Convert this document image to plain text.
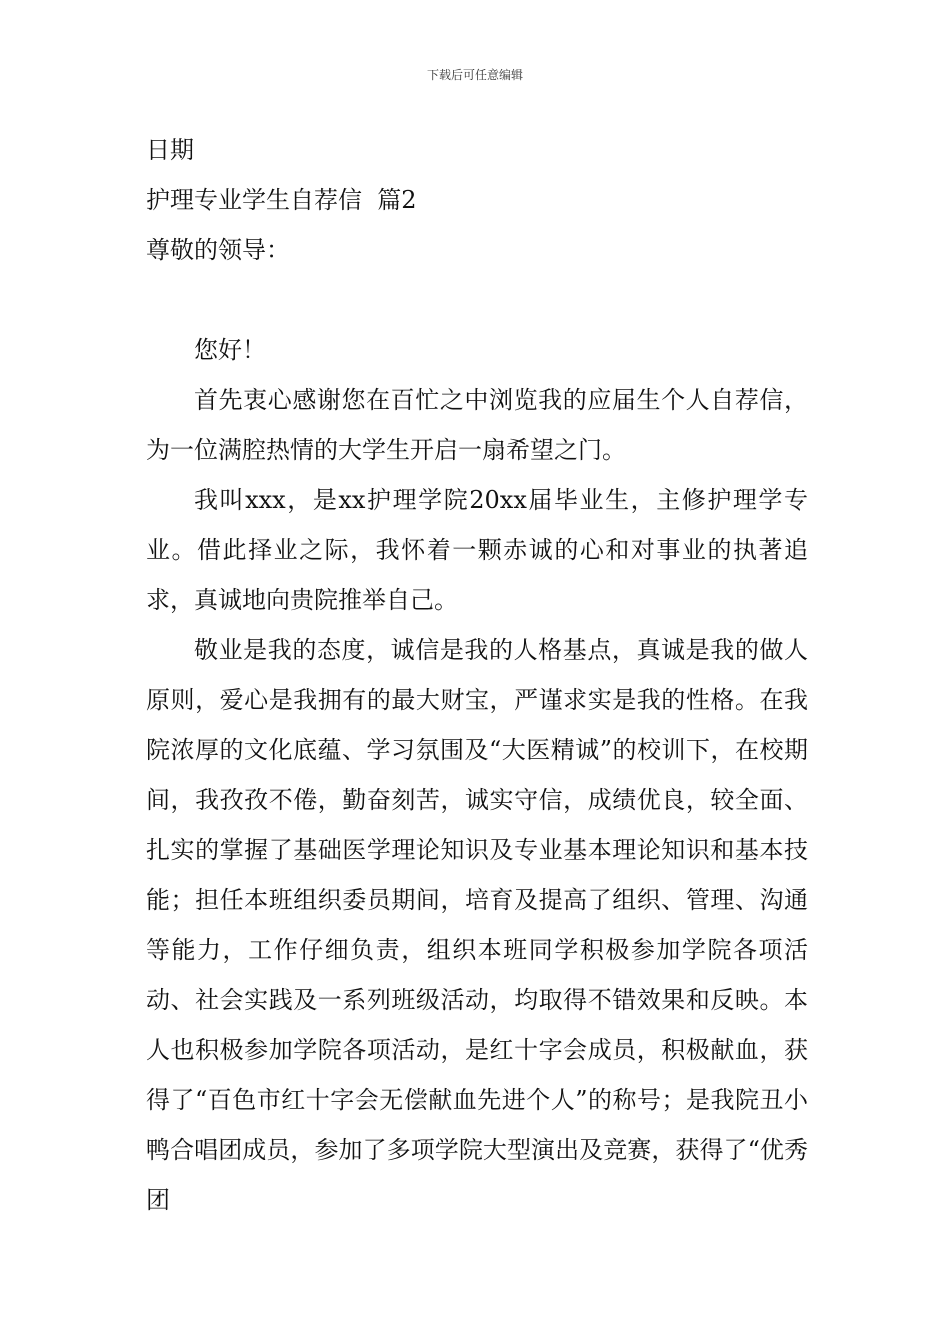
下载后可任意编辑

日期

护理专业学生自荐信  篇2

尊敬的领导：

您好！

首先衷心感谢您在百忙之中浏览我的应届生个人自荐信，为一位满腔热情的大学生开启一扇希望之门。

我叫xxx，是xx护理学院20xx届毕业生，主修护理学专业。借此择业之际，我怀着一颗赤诚的心和对事业的执著追求，真诚地向贵院推举自己。

敬业是我的态度，诚信是我的人格基点，真诚是我的做人原则，爱心是我拥有的最大财宝，严谨求实是我的性格。在我院浓厚的文化底蕴、学习氛围及“大医精诚”的校训下，在校期间，我孜孜不倦，勤奋刻苦，诚实守信，成绩优良，较全面、扎实的掌握了基础医学理论知识及专业基本理论知识和基本技能；担任本班组织委员期间，培育及提高了组织、管理、沟通等能力，工作仔细负责，组织本班同学积极参加学院各项活动、社会实践及一系列班级活动，均取得不错效果和反映。本人也积极参加学院各项活动，是红十字会成员，积极献血，获得了“百色市红十字会无偿献血先进个人”的称号；是我院丑小鸭合唱团成员，参加了多项学院大型演出及竞赛，获得了“优秀团
